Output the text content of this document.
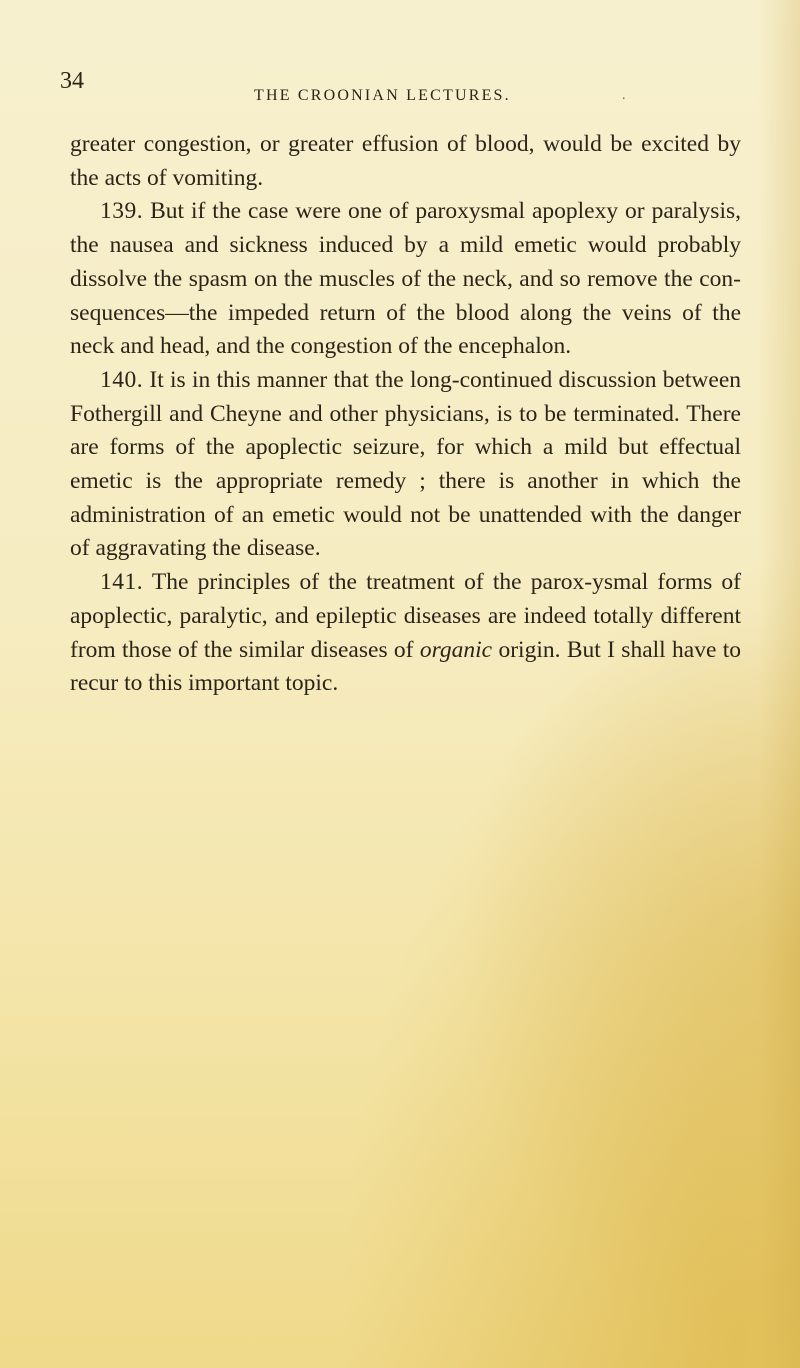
34
THE CROONIAN LECTURES.	.

greater congestion, or greater effusion of blood, would be excited by the acts of vomiting.

139. But if the case were one of paroxysmal apoplexy or paralysis, the nausea and sickness induced by a mild emetic would probably dissolve the spasm on the muscles of the neck, and so remove the con-sequences—the impeded return of the blood along the veins of the neck and head, and the congestion of the encephalon.

140. It is in this manner that the long-continued discussion between Fothergill and Cheyne and other physicians, is to be terminated. There are forms of the apoplectic seizure, for which a mild but effectual emetic is the appropriate remedy ; there is another in which the administration of an emetic would not be unattended with the danger of aggravating the disease.

141. The principles of the treatment of the parox-ysmal forms of apoplectic, paralytic, and epileptic diseases are indeed totally different from those of the similar diseases of organic origin. But I shall have to recur to this important topic.
